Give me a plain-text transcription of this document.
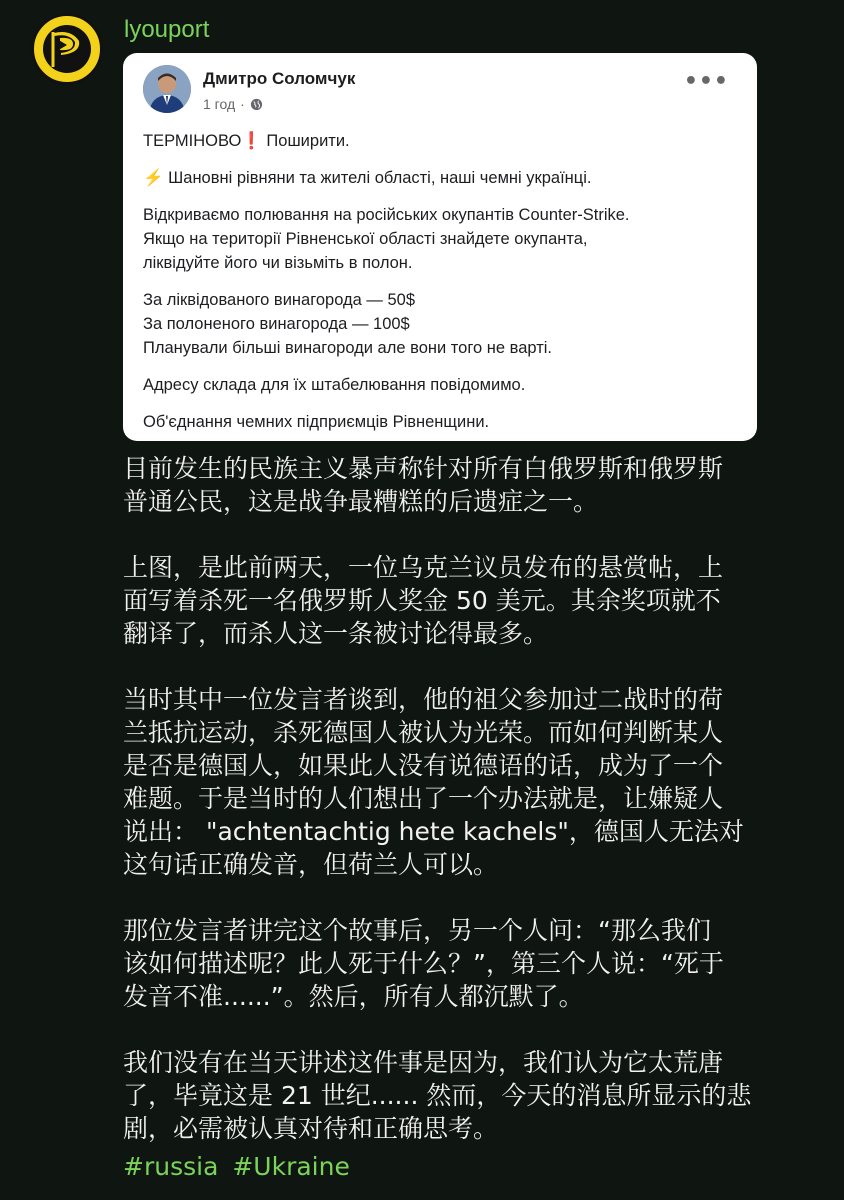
lyouport
Дмитро Соломчук
1 год ·
•••

ТЕРМІНОВО❗ Поширити.

⚡ Шановні рівняни та жителі області, наші чемні українці.

Відкриваємо полювання на російських окупантів Counter-Strike.
Якщо на території Рівненської області знайдете окупанта,
ліквідуйте його чи візьміть в полон.

За ліквідованого винагорода — 50$
За полоненого винагорода — 100$
Планували більші винагороди але вони того не варті.

Адресу склада для їх штабелювання повідомимо.

Об'єднання чемних підприємців Рівненщини.

目前发生的民族主义暴声称针对所有白俄罗斯和俄罗斯
普通公民，这是战争最糟糕的后遗症之一。

上图，是此前两天，一位乌克兰议员发布的悬赏帖，上
面写着杀死一名俄罗斯人奖金 50 美元。其余奖项就不
翻译了，而杀人这一条被讨论得最多。

当时其中一位发言者谈到，他的祖父参加过二战时的荷
兰抵抗运动，杀死德国人被认为光荣。而如何判断某人
是否是德国人，如果此人没有说德语的话，成为了一个
难题。于是当时的人们想出了一个办法就是，让嫌疑人
说出： "achtentachtig hete kachels"，德国人无法对
这句话正确发音，但荷兰人可以。

那位发言者讲完这个故事后，另一个人问：“那么我们
该如何描述呢？此人死于什么？”，第三个人说：“死于
发音不准......”。然后，所有人都沉默了。

我们没有在当天讲述这件事是因为，我们认为它太荒唐
了，毕竟这是 21 世纪...... 然而，今天的消息所显示的悲
剧，必需被认真对待和正确思考。

#russia #Ukraine
